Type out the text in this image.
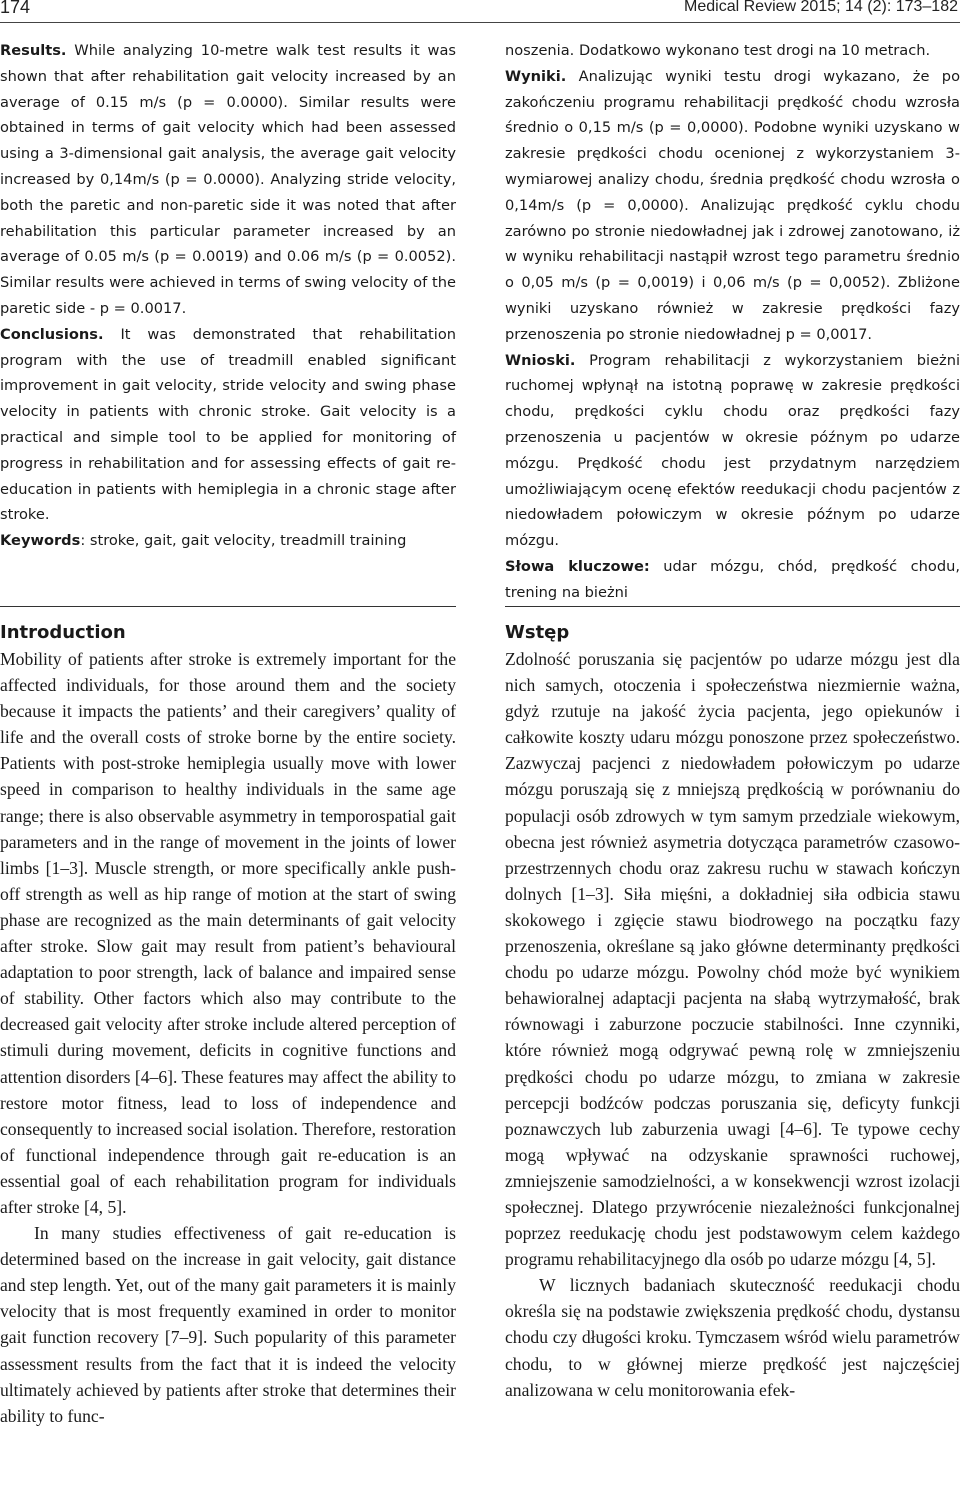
174	Medical Review 2015; 14 (2): 173–182

Results. While analyzing 10-metre walk test results it was shown that after rehabilitation gait velocity increased by an average of 0.15 m/s (p = 0.0000). Similar results were obtained in terms of gait velocity which had been assessed using a 3-dimensional gait analysis, the average gait velocity increased by 0,14m/s (p = 0.0000). Analyzing stride velocity, both the paretic and non-paretic side it was noted that after rehabilitation this particular parameter increased by an average of 0.05 m/s (p = 0.0019) and 0.06 m/s (p = 0.0052). Similar results were achieved in terms of swing velocity of the paretic side - p = 0.0017.

Conclusions. It was demonstrated that rehabilitation program with the use of treadmill enabled significant improvement in gait velocity, stride velocity and swing phase velocity in patients with chronic stroke. Gait velocity is a practical and simple tool to be applied for monitoring of progress in rehabilitation and for assessing effects of gait re-education in patients with hemiplegia in a chronic stage after stroke.

Keywords: stroke, gait, gait velocity, treadmill training

noszenia. Dodatkowo wykonano test drogi na 10 metrach.

Wyniki. Analizując wyniki testu drogi wykazano, że po zakończeniu programu rehabilitacji prędkość chodu wzrosła średnio o 0,15 m/s (p = 0,0000). Podobne wyniki uzyskano w zakresie prędkości chodu ocenionej z wykorzystaniem 3-wymiarowej analizy chodu, średnia prędkość chodu wzrosła o 0,14m/s (p = 0,0000). Analizując prędkość cyklu chodu zarówno po stronie niedowładnej jak i zdrowej zanotowano, iż w wyniku rehabilitacji nastąpił wzrost tego parametru średnio o 0,05 m/s (p = 0,0019) i 0,06 m/s (p = 0,0052). Zbliżone wyniki uzyskano również w zakresie prędkości fazy przenoszenia po stronie niedowładnej p = 0,0017.

Wnioski. Program rehabilitacji z wykorzystaniem bieżni ruchomej wpłynął na istotną poprawę w zakresie prędkości chodu, prędkości cyklu chodu oraz prędkości fazy przenoszenia u pacjentów w okresie późnym po udarze mózgu. Prędkość chodu jest przydatnym narzędziem umożliwiającym ocenę efektów reedukacji chodu pacjentów z niedowładem połowiczym w okresie późnym po udarze mózgu.

Słowa kluczowe: udar mózgu, chód, prędkość chodu, trening na bieżni

Introduction

Mobility of patients after stroke is extremely important for the affected individuals, for those around them and the society because it impacts the patients’ and their caregivers’ quality of life and the overall costs of stroke borne by the entire society. Patients with post-stroke hemiplegia usually move with lower speed in comparison to healthy individuals in the same age range; there is also observable asymmetry in temporospatial gait parameters and in the range of movement in the joints of lower limbs [1–3]. Muscle strength, or more specifically ankle push-off strength as well as hip range of motion at the start of swing phase are recognized as the main determinants of gait velocity after stroke. Slow gait may result from patient’s behavioural adaptation to poor strength, lack of balance and impaired sense of stability. Other factors which also may contribute to the decreased gait velocity after stroke include altered perception of stimuli during movement, deficits in cognitive functions and attention disorders [4–6]. These features may affect the ability to restore motor fitness, lead to loss of independence and consequently to increased social isolation. Therefore, restoration of functional independence through gait re-education is an essential goal of each rehabilitation program for individuals after stroke [4, 5].

In many studies effectiveness of gait re-education is determined based on the increase in gait velocity, gait distance and step length. Yet, out of the many gait parameters it is mainly velocity that is most frequently examined in order to monitor gait function recovery [7–9]. Such popularity of this parameter assessment results from the fact that it is indeed the velocity ultimately achieved by patients after stroke that determines their ability to func-

Wstęp

Zdolność poruszania się pacjentów po udarze mózgu jest dla nich samych, otoczenia i społeczeństwa niezmiernie ważna, gdyż rzutuje na jakość życia pacjenta, jego opiekunów i całkowite koszty udaru mózgu ponoszone przez społeczeństwo. Zazwyczaj pacjenci z niedowładem połowiczym po udarze mózgu poruszają się z mniejszą prędkością w porównaniu do populacji osób zdrowych w tym samym przedziale wiekowym, obecna jest również asymetria dotycząca parametrów czasowo-przestrzennych chodu oraz zakresu ruchu w stawach kończyn dolnych [1–3]. Siła mięśni, a dokładniej siła odbicia stawu skokowego i zgięcie stawu biodrowego na początku fazy przenoszenia, określane są jako główne determinanty prędkości chodu po udarze mózgu. Powolny chód może być wynikiem behawioralnej adaptacji pacjenta na słabą wytrzymałość, brak równowagi i zaburzone poczucie stabilności. Inne czynniki, które również mogą odgrywać pewną rolę w zmniejszeniu prędkości chodu po udarze mózgu, to zmiana w zakresie percepcji bodźców podczas poruszania się, deficyty funkcji poznawczych lub zaburzenia uwagi [4–6]. Te typowe cechy mogą wpływać na odzyskanie sprawności ruchowej, zmniejszenie samodzielności, a w konsekwencji wzrost izolacji społecznej. Dlatego przywrócenie niezależności funkcjonalnej poprzez reedukację chodu jest podstawowym celem każdego programu rehabilitacyjnego dla osób po udarze mózgu [4, 5].

W licznych badaniach skuteczność reedukacji chodu określa się na podstawie zwiększenia prędkość chodu, dystansu chodu czy długości kroku. Tymczasem wśród wielu parametrów chodu, to w głównej mierze prędkość jest najczęściej analizowana w celu monitorowania efek-
